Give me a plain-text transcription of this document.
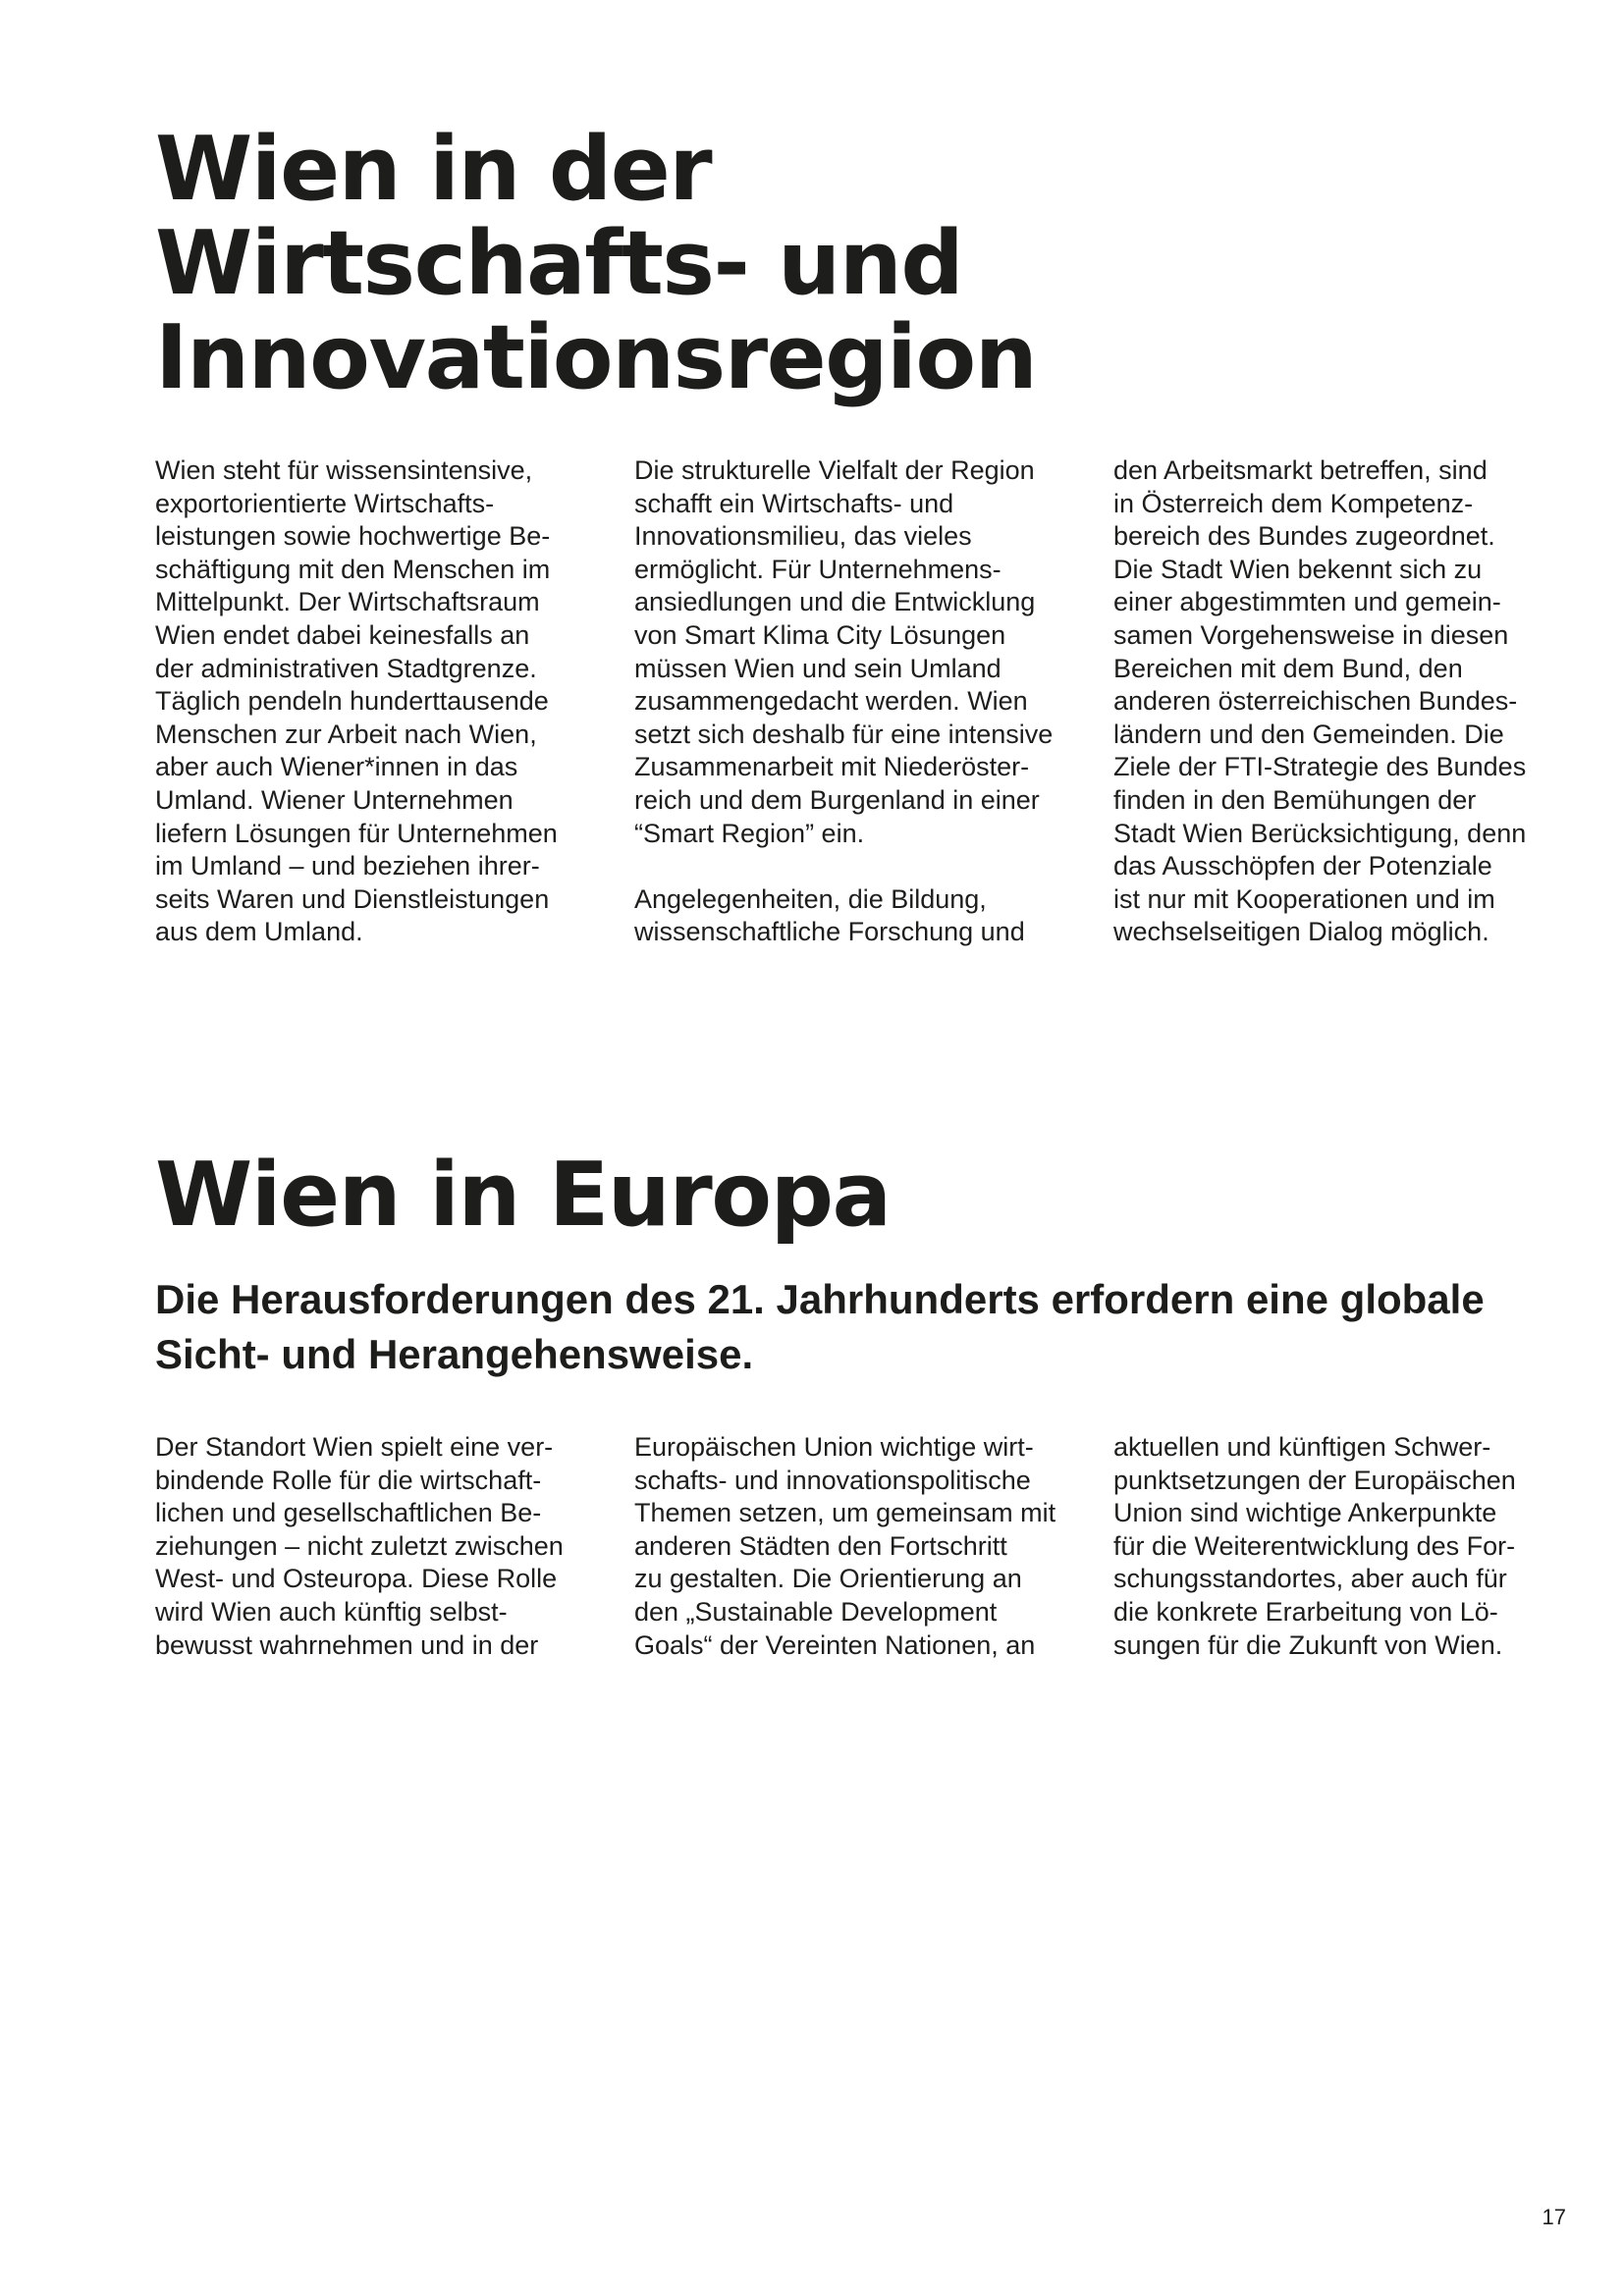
Wien in der
Wirtschafts- und
Innovationsregion
Wien steht für wissensintensive,
exportorientierte Wirtschafts-
leistungen sowie hochwertige Be-
schäftigung mit den Menschen im
Mittelpunkt. Der Wirtschaftsraum
Wien endet dabei keinesfalls an
der administrativen Stadtgrenze.
Täglich pendeln hunderttausende
Menschen zur Arbeit nach Wien,
aber auch Wiener*innen in das
Umland. Wiener Unternehmen
liefern Lösungen für Unternehmen
im Umland – und beziehen ihrer-
seits Waren und Dienstleistungen
aus dem Umland.
Die strukturelle Vielfalt der Region
schafft ein Wirtschafts- und
Innovationsmilieu, das vieles
ermöglicht. Für Unternehmens-
ansiedlungen und die Entwicklung
von Smart Klima City Lösungen
müssen Wien und sein Umland
zusammengedacht werden. Wien
setzt sich deshalb für eine intensive
Zusammenarbeit mit Niederöster-
reich und dem Burgenland in einer
“Smart Region” ein.
Angelegenheiten, die Bildung,
wissenschaftliche Forschung und
den Arbeitsmarkt betreffen, sind
in Österreich dem Kompetenz-
bereich des Bundes zugeordnet.
Die Stadt Wien bekennt sich zu
einer abgestimmten und gemein-
samen Vorgehensweise in diesen
Bereichen mit dem Bund, den
anderen österreichischen Bundes-
ländern und den Gemeinden. Die
Ziele der FTI-Strategie des Bundes
finden in den Bemühungen der
Stadt Wien Berücksichtigung, denn
das Ausschöpfen der Potenziale
ist nur mit Kooperationen und im
wechselseitigen Dialog möglich.
Wien in Europa
Die Herausforderungen des 21. Jahrhunderts erfordern eine globale
Sicht- und Herangehensweise.
Der Standort Wien spielt eine ver-
bindende Rolle für die wirtschaft-
lichen und gesellschaftlichen Be-
ziehungen – nicht zuletzt zwischen
West- und Osteuropa. Diese Rolle
wird Wien auch künftig selbst-
bewusst wahrnehmen und in der
Europäischen Union wichtige wirt-
schafts- und innovationspolitische
Themen setzen, um gemeinsam mit
anderen Städten den Fortschritt
zu gestalten. Die Orientierung an
den „Sustainable Development
Goals“ der Vereinten Nationen, an
aktuellen und künftigen Schwer-
punktsetzungen der Europäischen
Union sind wichtige Ankerpunkte
für die Weiterentwicklung des For-
schungsstandortes, aber auch für
die konkrete Erarbeitung von Lö-
sungen für die Zukunft von Wien.
17
